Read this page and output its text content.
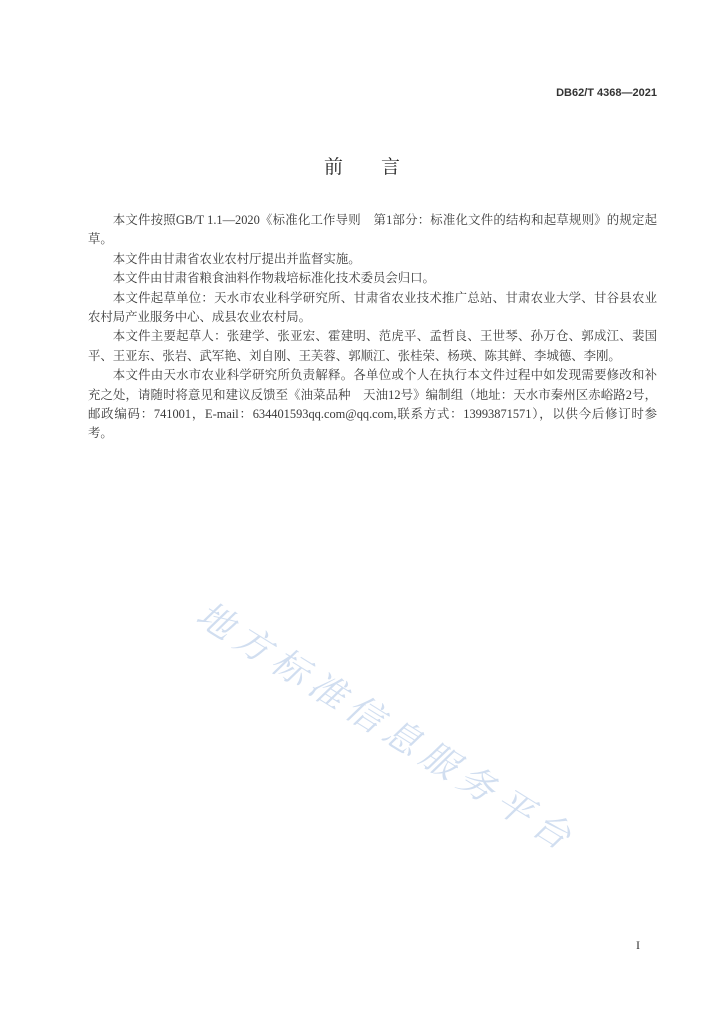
DB62/T 4368—2021
前　　言

本文件按照GB/T 1.1—2020《标准化工作导则　第1部分：标准化文件的结构和起草规则》的规定起草。

本文件由甘肃省农业农村厅提出并监督实施。

本文件由甘肃省粮食油料作物栽培标准化技术委员会归口。

本文件起草单位：天水市农业科学研究所、甘肃省农业技术推广总站、甘肃农业大学、甘谷县农业农村局产业服务中心、成县农业农村局。

本文件主要起草人：张建学、张亚宏、霍建明、范虎平、孟哲良、王世琴、孙万仓、郭成江、裴国平、王亚东、张岩、武军艳、刘自刚、王芙蓉、郭顺江、张桂荣、杨瑛、陈其鲜、李城德、李刚。

本文件由天水市农业科学研究所负责解释。各单位或个人在执行本文件过程中如发现需要修改和补充之处，请随时将意见和建议反馈至《油菜品种　天油12号》编制组（地址：天水市秦州区赤峪路2号，邮政编码：741001，E-mail：634401593qq.com@qq.com,联系方式：13993871571），以供今后修订时参考。

地方标准信息服务平台
I
